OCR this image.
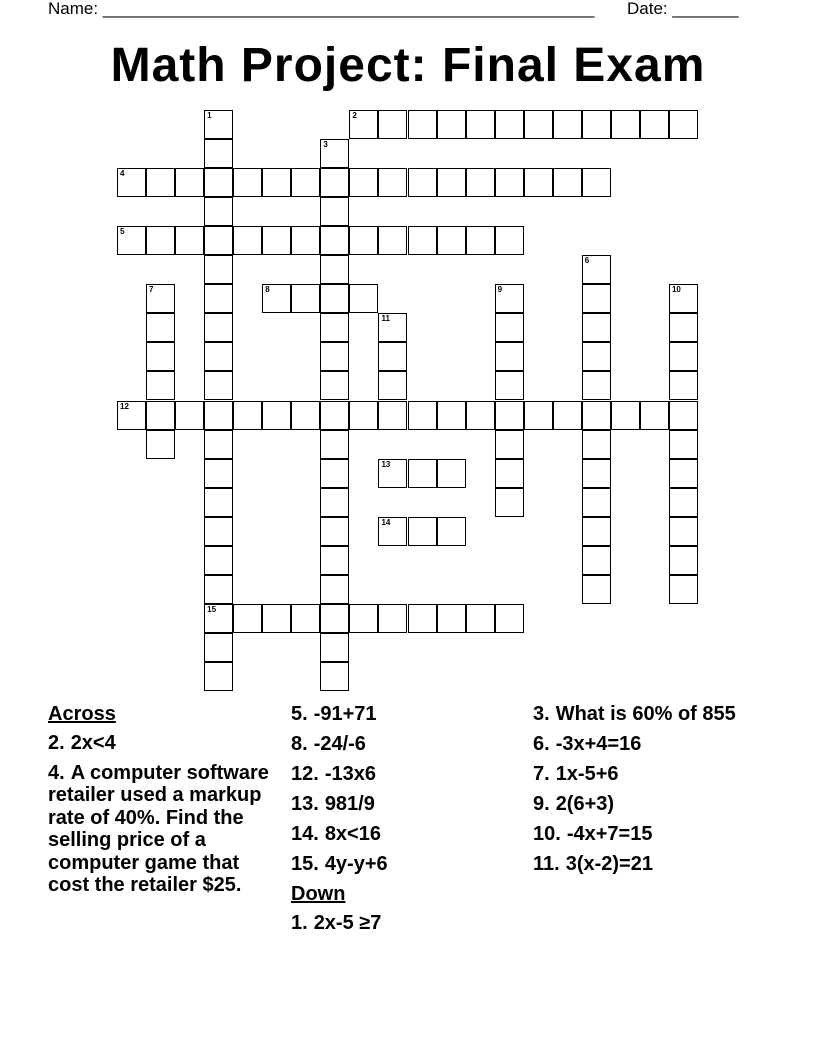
Name: ____________________________________________________ Date: _______
Math Project: Final Exam
1
15
2
3
4
5
6
7	8	9	10
11
12
13
14
Across
2. 2x<4
4. A computer software retailer used a markup rate of 40%. Find the selling price of a computer game that cost the retailer $25.
5. -91+71
8. -24/-6
12. -13x6
13. 981/9
14. 8x<16
15. 4y-y+6
Down
1. 2x-5 ≥7
3. What is 60% of 855
6. -3x+4=16
7. 1x-5+6
9. 2(6+3)
10. -4x+7=15
11. 3(x-2)=21
